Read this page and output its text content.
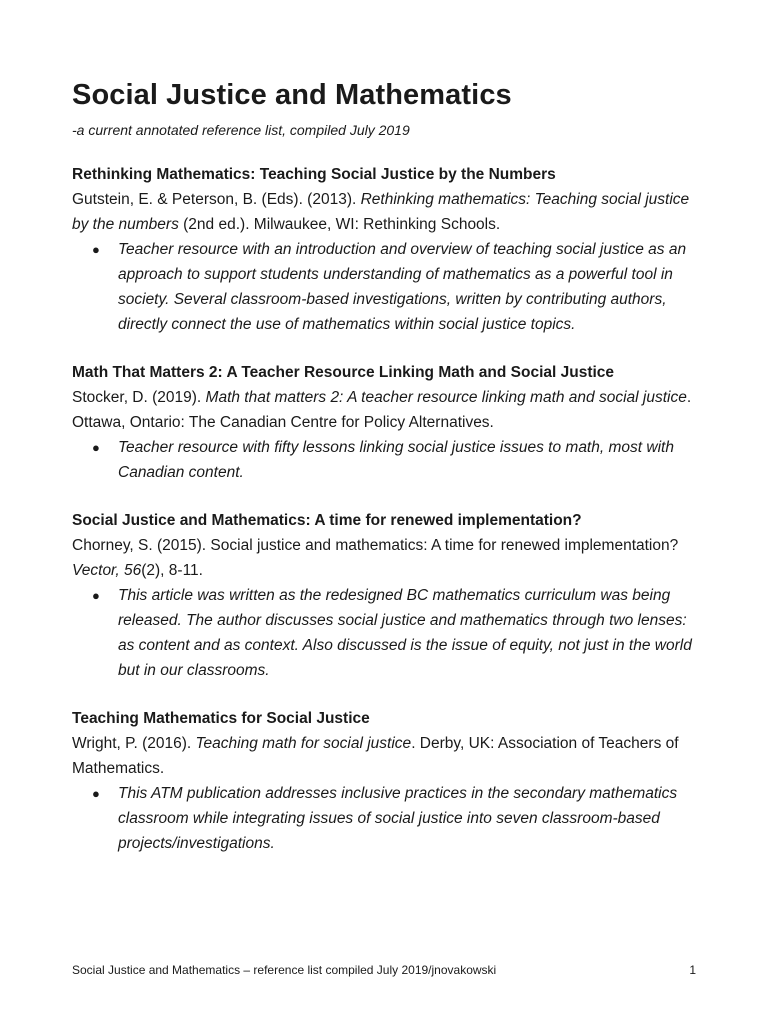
Social Justice and Mathematics

-a current annotated reference list, compiled July 2019

Rethinking Mathematics: Teaching Social Justice by the Numbers

Gutstein, E. & Peterson, B. (Eds). (2013). Rethinking mathematics: Teaching social justice by the numbers (2nd ed.). Milwaukee, WI: Rethinking Schools.

● Teacher resource with an introduction and overview of teaching social justice as an approach to support students understanding of mathematics as a powerful tool in society. Several classroom-based investigations, written by contributing authors, directly connect the use of mathematics within social justice topics.

Math That Matters 2: A Teacher Resource Linking Math and Social Justice

Stocker, D. (2019). Math that matters 2: A teacher resource linking math and social justice. Ottawa, Ontario: The Canadian Centre for Policy Alternatives.

● Teacher resource with fifty lessons linking social justice issues to math, most with Canadian content.

Social Justice and Mathematics: A time for renewed implementation?

Chorney, S. (2015). Social justice and mathematics: A time for renewed implementation? Vector, 56(2), 8-11.

● This article was written as the redesigned BC mathematics curriculum was being released. The author discusses social justice and mathematics through two lenses: as content and as context. Also discussed is the issue of equity, not just in the world but in our classrooms.

Teaching Mathematics for Social Justice

Wright, P. (2016). Teaching math for social justice. Derby, UK: Association of Teachers of Mathematics.

● This ATM publication addresses inclusive practices in the secondary mathematics classroom while integrating issues of social justice into seven classroom-based projects/investigations.
Social Justice and Mathematics – reference list compiled July 2019/jnovakowski	1
